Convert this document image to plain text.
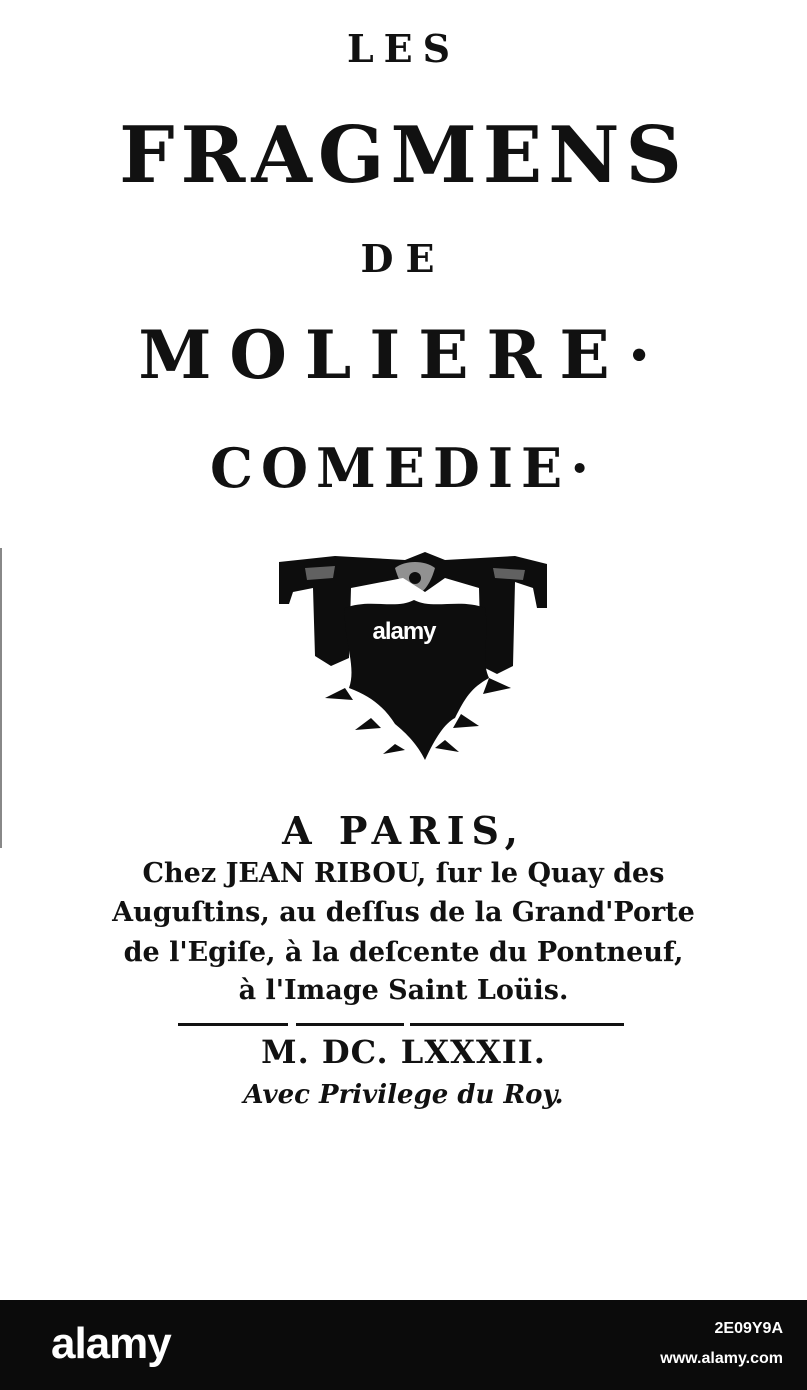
LES
FRAGMENS
DE
MOLIERE·
COMEDIE·
alamy
A PARIS,
Chez JEAN RIBOU, ſur le Quay des
Auguſtins, au deſſus de la Grand'Porte
de l'Egiſe, à la deſcente du Pontneuf,
à l'Image Saint Loüis.
M. DC. LXXXII.
Avec Privilege du Roy.
alamy	2E09Y9A
www.alamy.com
